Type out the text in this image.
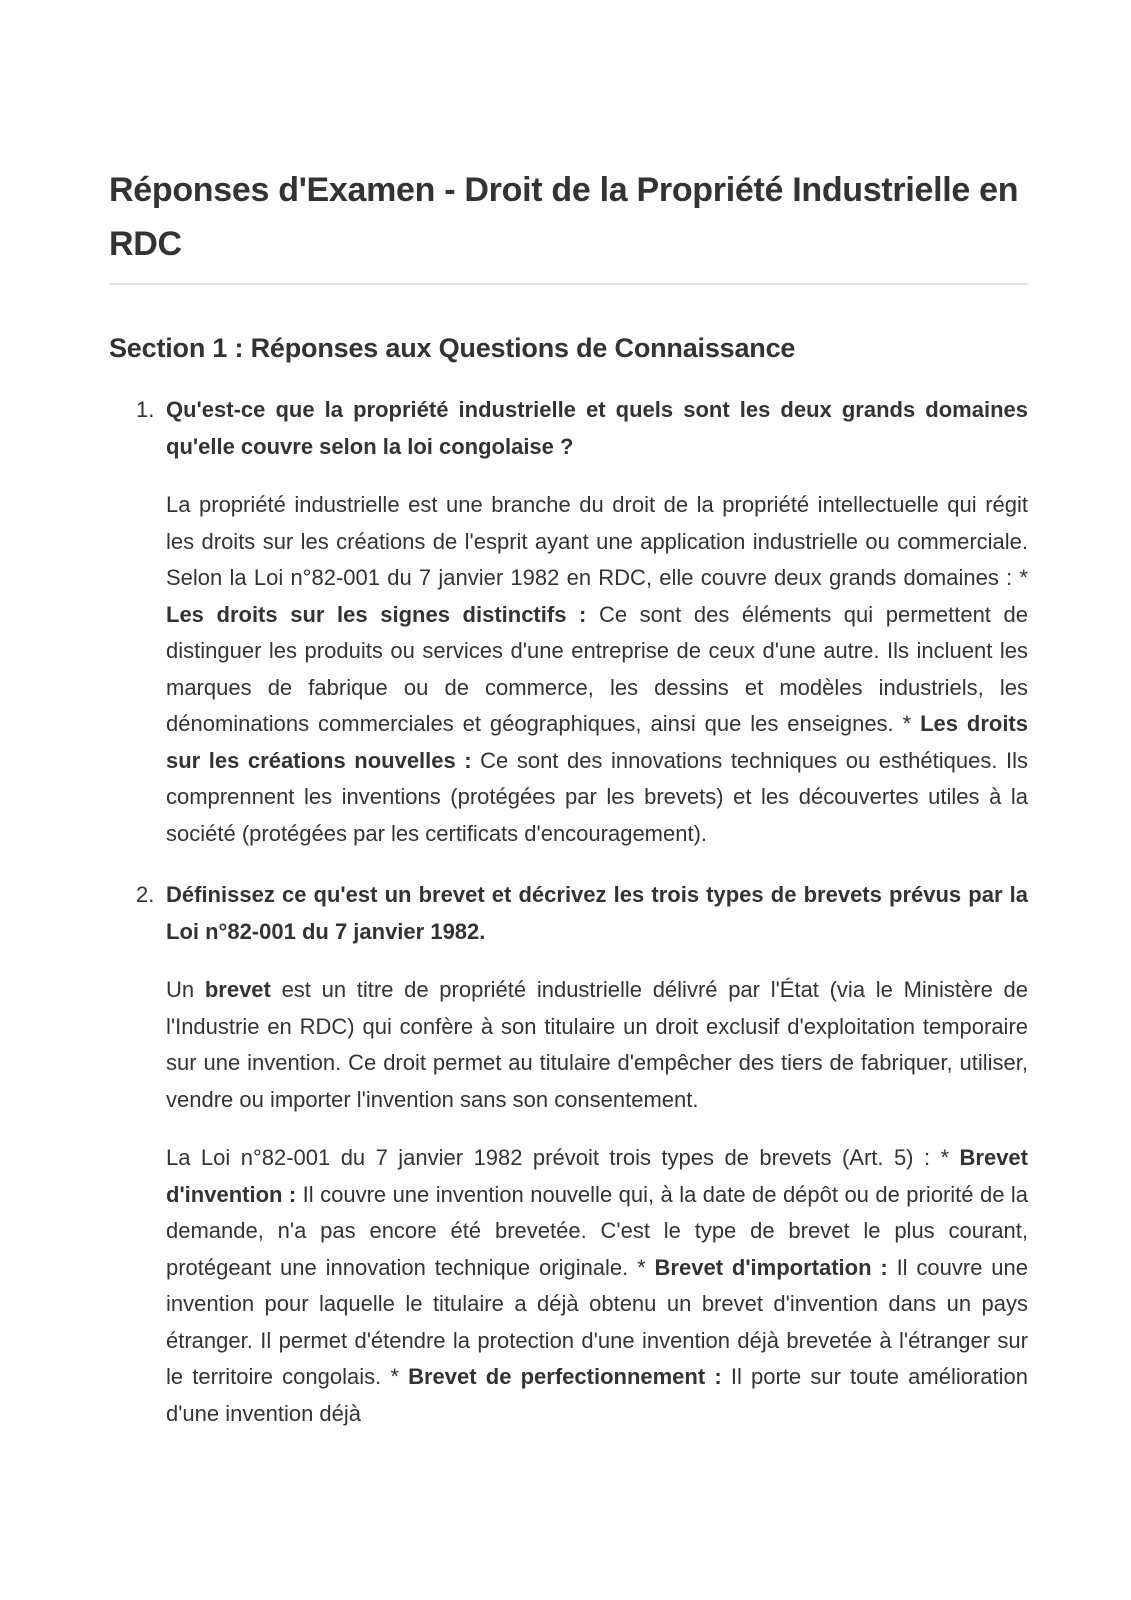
Réponses d'Examen - Droit de la Propriété Industrielle en RDC
Section 1 : Réponses aux Questions de Connaissance
1. Qu'est-ce que la propriété industrielle et quels sont les deux grands domaines qu'elle couvre selon la loi congolaise ?

La propriété industrielle est une branche du droit de la propriété intellectuelle qui régit les droits sur les créations de l'esprit ayant une application industrielle ou commerciale. Selon la Loi n°82-001 du 7 janvier 1982 en RDC, elle couvre deux grands domaines : * Les droits sur les signes distinctifs : Ce sont des éléments qui permettent de distinguer les produits ou services d'une entreprise de ceux d'une autre. Ils incluent les marques de fabrique ou de commerce, les dessins et modèles industriels, les dénominations commerciales et géographiques, ainsi que les enseignes. * Les droits sur les créations nouvelles : Ce sont des innovations techniques ou esthétiques. Ils comprennent les inventions (protégées par les brevets) et les découvertes utiles à la société (protégées par les certificats d'encouragement).

2. Définissez ce qu'est un brevet et décrivez les trois types de brevets prévus par la Loi n°82-001 du 7 janvier 1982.

Un brevet est un titre de propriété industrielle délivré par l'État (via le Ministère de l'Industrie en RDC) qui confère à son titulaire un droit exclusif d'exploitation temporaire sur une invention. Ce droit permet au titulaire d'empêcher des tiers de fabriquer, utiliser, vendre ou importer l'invention sans son consentement.

La Loi n°82-001 du 7 janvier 1982 prévoit trois types de brevets (Art. 5) : * Brevet d'invention : Il couvre une invention nouvelle qui, à la date de dépôt ou de priorité de la demande, n'a pas encore été brevetée. C'est le type de brevet le plus courant, protégeant une innovation technique originale. * Brevet d'importation : Il couvre une invention pour laquelle le titulaire a déjà obtenu un brevet d'invention dans un pays étranger. Il permet d'étendre la protection d'une invention déjà brevetée à l'étranger sur le territoire congolais. * Brevet de perfectionnement : Il porte sur toute amélioration d'une invention déjà
